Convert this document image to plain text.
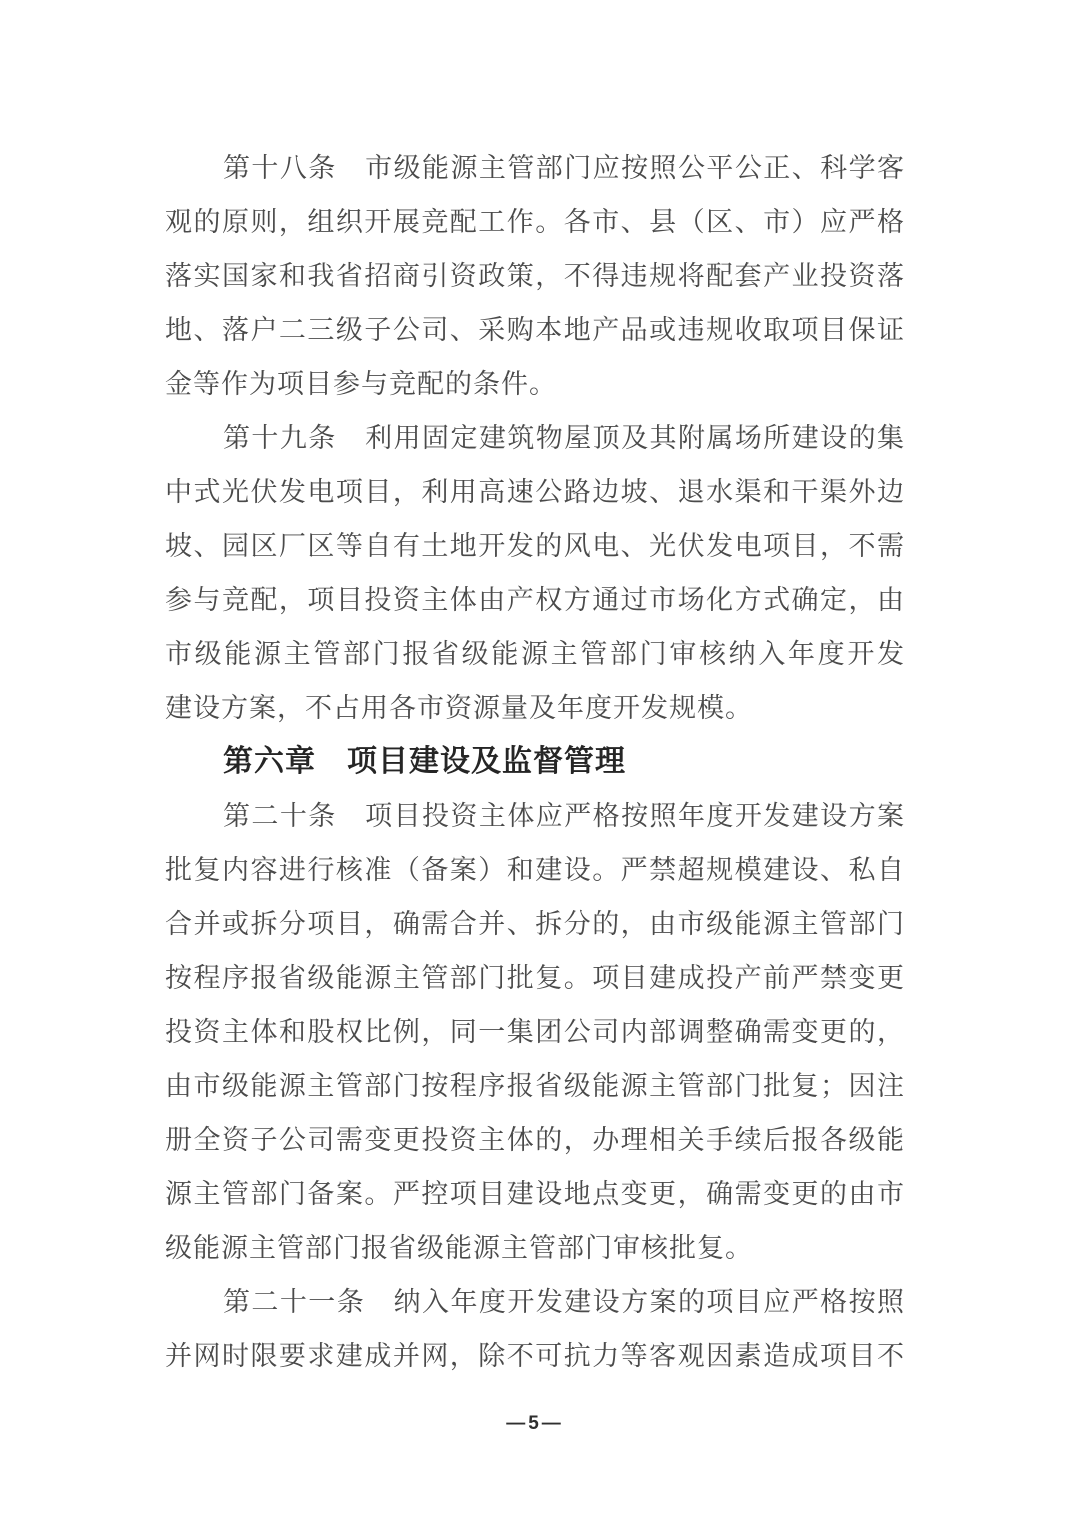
第十八条　市级能源主管部门应按照公平公正、科学客
观的原则，组织开展竞配工作。各市、县（区、市）应严格
落实国家和我省招商引资政策，不得违规将配套产业投资落
地、落户二三级子公司、采购本地产品或违规收取项目保证
金等作为项目参与竞配的条件。
第十九条　利用固定建筑物屋顶及其附属场所建设的集
中式光伏发电项目，利用高速公路边坡、退水渠和干渠外边
坡、园区厂区等自有土地开发的风电、光伏发电项目，不需
参与竞配，项目投资主体由产权方通过市场化方式确定，由
市级能源主管部门报省级能源主管部门审核纳入年度开发
建设方案，不占用各市资源量及年度开发规模。
第六章　项目建设及监督管理
第二十条　项目投资主体应严格按照年度开发建设方案
批复内容进行核准（备案）和建设。严禁超规模建设、私自
合并或拆分项目，确需合并、拆分的，由市级能源主管部门
按程序报省级能源主管部门批复。项目建成投产前严禁变更
投资主体和股权比例，同一集团公司内部调整确需变更的，
由市级能源主管部门按程序报省级能源主管部门批复；因注
册全资子公司需变更投资主体的，办理相关手续后报各级能
源主管部门备案。严控项目建设地点变更，确需变更的由市
级能源主管部门报省级能源主管部门审核批复。
第二十一条　纳入年度开发建设方案的项目应严格按照
并网时限要求建成并网，除不可抗力等客观因素造成项目不
—5—
